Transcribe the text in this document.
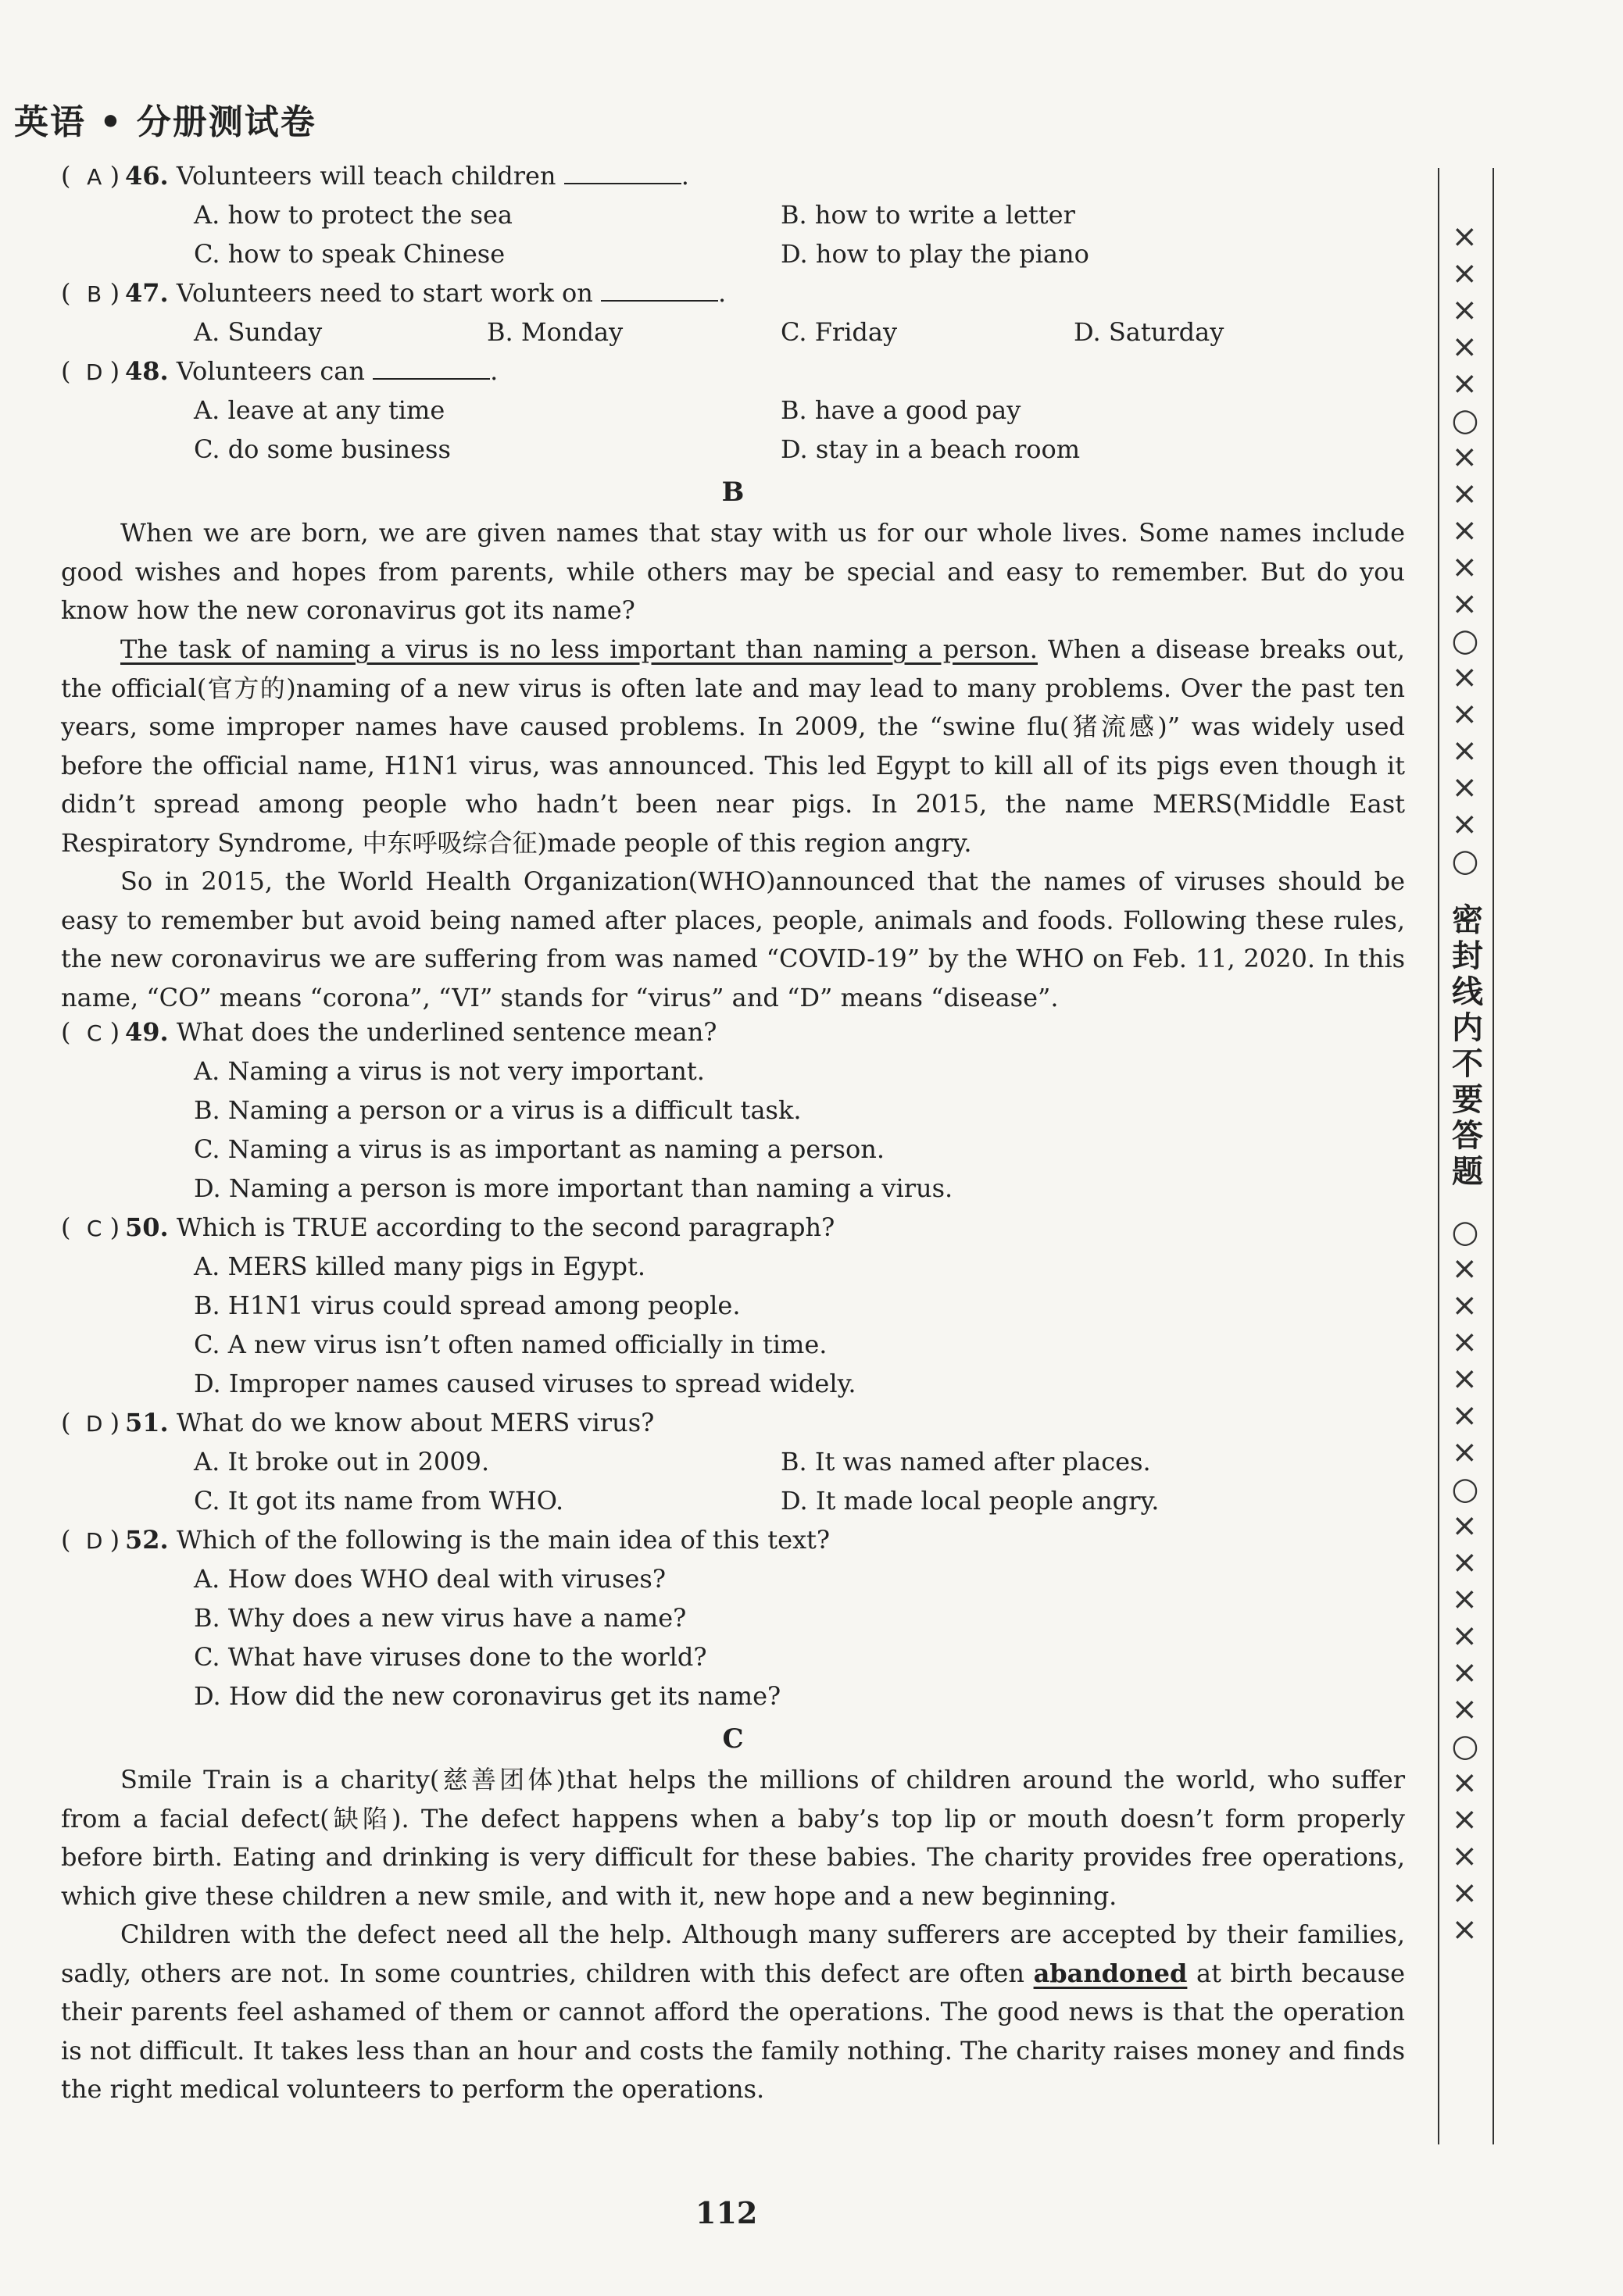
英语 • 分册测试卷
( A ) 46. Volunteers will teach children	.
A. how to protect the sea	B. how to write a letter
C. how to speak Chinese	D. how to play the piano
( B ) 47. Volunteers need to start work on	.
A. Sunday	B. Monday	C. Friday	D. Saturday
( D ) 48. Volunteers can	.
A. leave at any time	B. have a good pay
C. do some business	D. stay in a beach room
B
When we are born, we are given names that stay with us for our whole lives. Some names include good wishes and hopes from parents, while others may be special and easy to remember. But do you know how the new coronavirus got its name?
The task of naming a virus is no less important than naming a person. When a disease breaks out, the official(官方的)naming of a new virus is often late and may lead to many problems. Over the past ten years, some improper names have caused problems. In 2009, the “swine flu(猪流感)” was widely used before the official name, H1N1 virus, was announced. This led Egypt to kill all of its pigs even though it didn’t spread among people who hadn’t been near pigs. In 2015, the name MERS(Middle East Respiratory Syndrome, 中东呼吸综合征)made people of this region angry.
So in 2015, the World Health Organization(WHO)announced that the names of viruses should be easy to remember but avoid being named after places, people, animals and foods. Following these rules, the new coronavirus we are suffering from was named “COVID-19” by the WHO on Feb. 11, 2020. In this name, “CO” means “corona”, “VI” stands for “virus” and “D” means “disease”.
( C ) 49. What does the underlined sentence mean?
A. Naming a virus is not very important.
B. Naming a person or a virus is a difficult task.
C. Naming a virus is as important as naming a person.
D. Naming a person is more important than naming a virus.
( C ) 50. Which is TRUE according to the second paragraph?
A. MERS killed many pigs in Egypt.
B. H1N1 virus could spread among people.
C. A new virus isn’t often named officially in time.
D. Improper names caused viruses to spread widely.
( D ) 51. What do we know about MERS virus?
A. It broke out in 2009.	B. It was named after places.
C. It got its name from WHO.	D. It made local people angry.
( D ) 52. Which of the following is the main idea of this text?
A. How does WHO deal with viruses?
B. Why does a new virus have a name?
C. What have viruses done to the world?
D. How did the new coronavirus get its name?
C
Smile Train is a charity(慈善团体)that helps the millions of children around the world, who suffer from a facial defect(缺陷). The defect happens when a baby’s top lip or mouth doesn’t form properly before birth. Eating and drinking is very difficult for these babies. The charity provides free operations, which give these children a new smile, and with it, new hope and a new beginning.
Children with the defect need all the help. Although many sufferers are accepted by their families, sadly, others are not. In some countries, children with this defect are often abandoned at birth because their parents feel ashamed of them or cannot afford the operations. The good news is that the operation is not difficult. It takes less than an hour and costs the family nothing. The charity raises money and finds the right medical volunteers to perform the operations.
112
×
×
×
×
×
○
×
×
×
×
×
○
×
×
×
×
×
○
密封线内不要答题
○
×
×
×
×
×
×
○
×
×
×
×
×
×
○
×
×
×
×
×
